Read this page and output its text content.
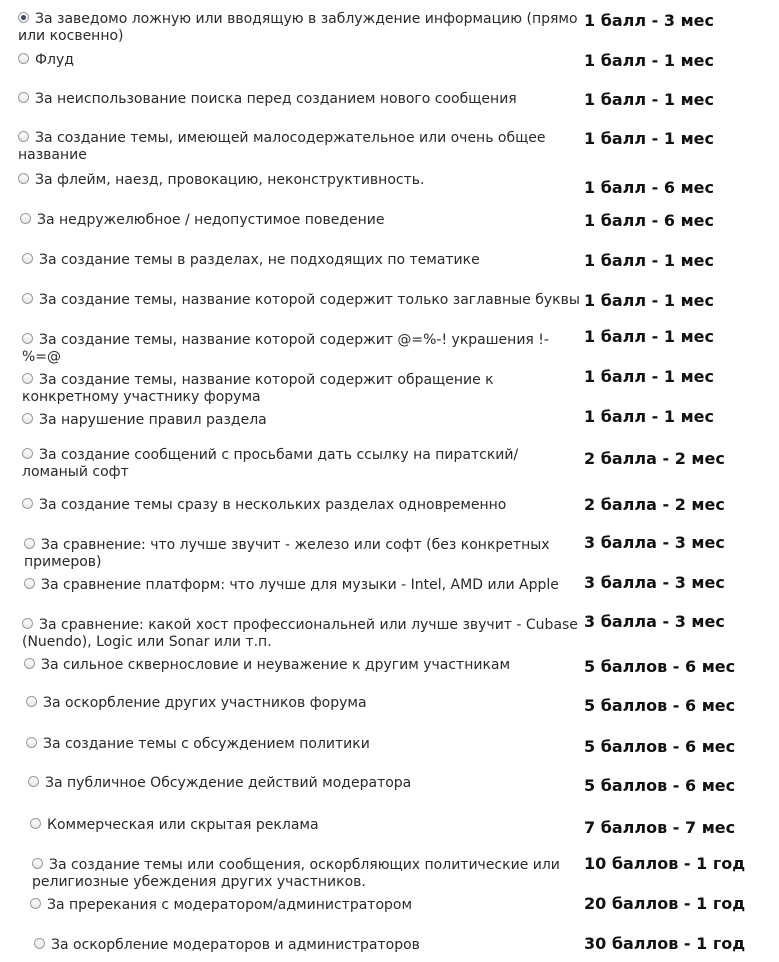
За заведомо ложную или вводящую в заблуждение информацию (прямо или косвенно)
1 балл - 3 мес
Флуд	1 балл - 1 мес
За неиспользование поиска перед созданием нового сообщения	1 балл - 1 мес
За создание темы, имеющей малосодержательное или очень общее название
1 балл - 1 мес
За флейм, наезд, провокацию, неконструктивность.	1 балл - 6 мес
За недружелюбное / недопустимое поведение	1 балл - 6 мес
За создание темы в разделах, не подходящих по тематике	1 балл - 1 мес
За создание темы, название которой содержит только заглавные буквы 1 балл - 1 мес
За создание темы, название которой содержит @=%-! украшения !-%=@
1 балл - 1 мес
За создание темы, название которой содержит обращение к конкретному участнику форума
1 балл - 1 мес
За нарушение правил раздела	1 балл - 1 мес
За создание сообщений с просьбами дать ссылку на пиратский/ломаный софт
2 балла - 2 мес
За создание темы сразу в нескольких разделах одновременно	2 балла - 2 мес
За сравнение: что лучше звучит - железо или софт (без конкретных примеров)
3 балла - 3 мес
За сравнение платформ: что лучше для музыки - Intel, AMD или Apple	3 балла - 3 мес
За сравнение: какой хост профессиональней или лучше звучит - Cubase (Nuendo), Logic или Sonar или т.п.
3 балла - 3 мес
За сильное сквернословие и неуважение к другим участникам	5 баллов - 6 мес
За оскорбление других участников форума	5 баллов - 6 мес
За создание темы с обсуждением политики	5 баллов - 6 мес
За публичное Обсуждение действий модератора	5 баллов - 6 мес
Коммерческая или скрытая реклама	7 баллов - 7 мес
За создание темы или сообщения, оскорбляющих политические или религиозные убеждения других участников.
10 баллов - 1 год
За пререкания с модератором/администратором	20 баллов - 1 год
За оскорбление модераторов и администраторов	30 баллов - 1 год
